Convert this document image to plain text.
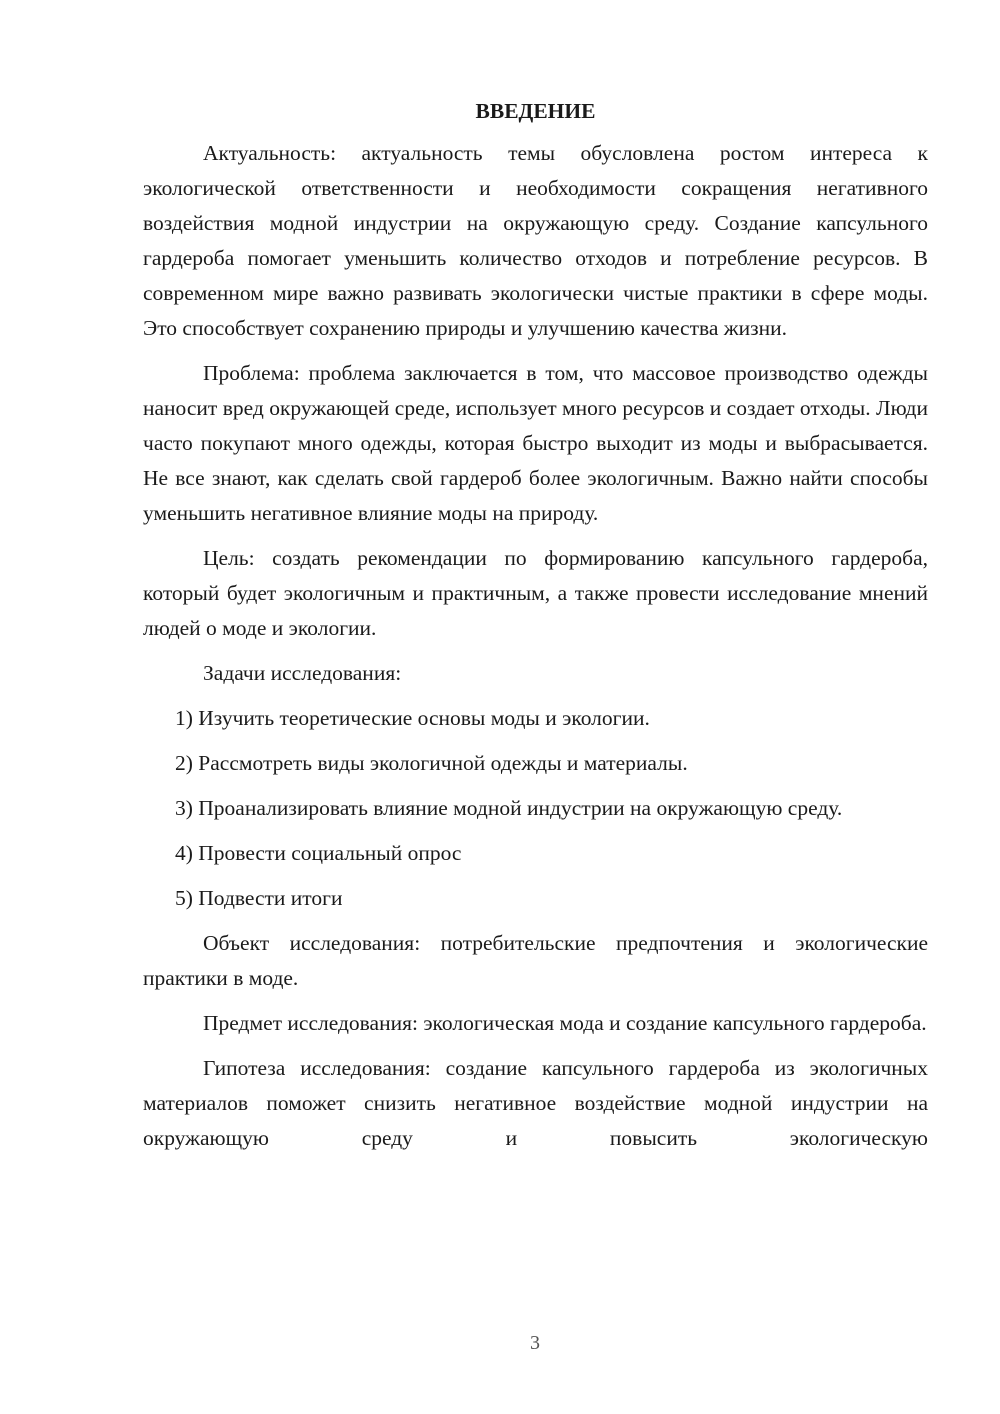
ВВЕДЕНИЕ

Актуальность: актуальность темы обусловлена ростом интереса к экологической ответственности и необходимости сокращения негативного воздействия модной индустрии на окружающую среду. Создание капсульного гардероба помогает уменьшить количество отходов и потребление ресурсов. В современном мире важно развивать экологически чистые практики в сфере моды. Это способствует сохранению природы и улучшению качества жизни.

Проблема: проблема заключается в том, что массовое производство одежды наносит вред окружающей среде, использует много ресурсов и создает отходы. Люди часто покупают много одежды, которая быстро выходит из моды и выбрасывается. Не все знают, как сделать свой гардероб более экологичным. Важно найти способы уменьшить негативное влияние моды на природу.

Цель: создать рекомендации по формированию капсульного гардероба, который будет экологичным и практичным, а также провести исследование мнений людей о моде и экологии.

Задачи исследования:

1) Изучить теоретические основы моды и экологии.

2) Рассмотреть виды экологичной одежды и материалы.

3) Проанализировать влияние модной индустрии на окружающую среду.

4) Провести социальный опрос

5) Подвести итоги

Объект исследования: потребительские предпочтения и экологические практики в моде.

Предмет исследования: экологическая мода и создание капсульного гардероба.

Гипотеза исследования: создание капсульного гардероба из экологичных материалов поможет снизить негативное воздействие модной индустрии на окружающую среду и повысить экологическую

3
